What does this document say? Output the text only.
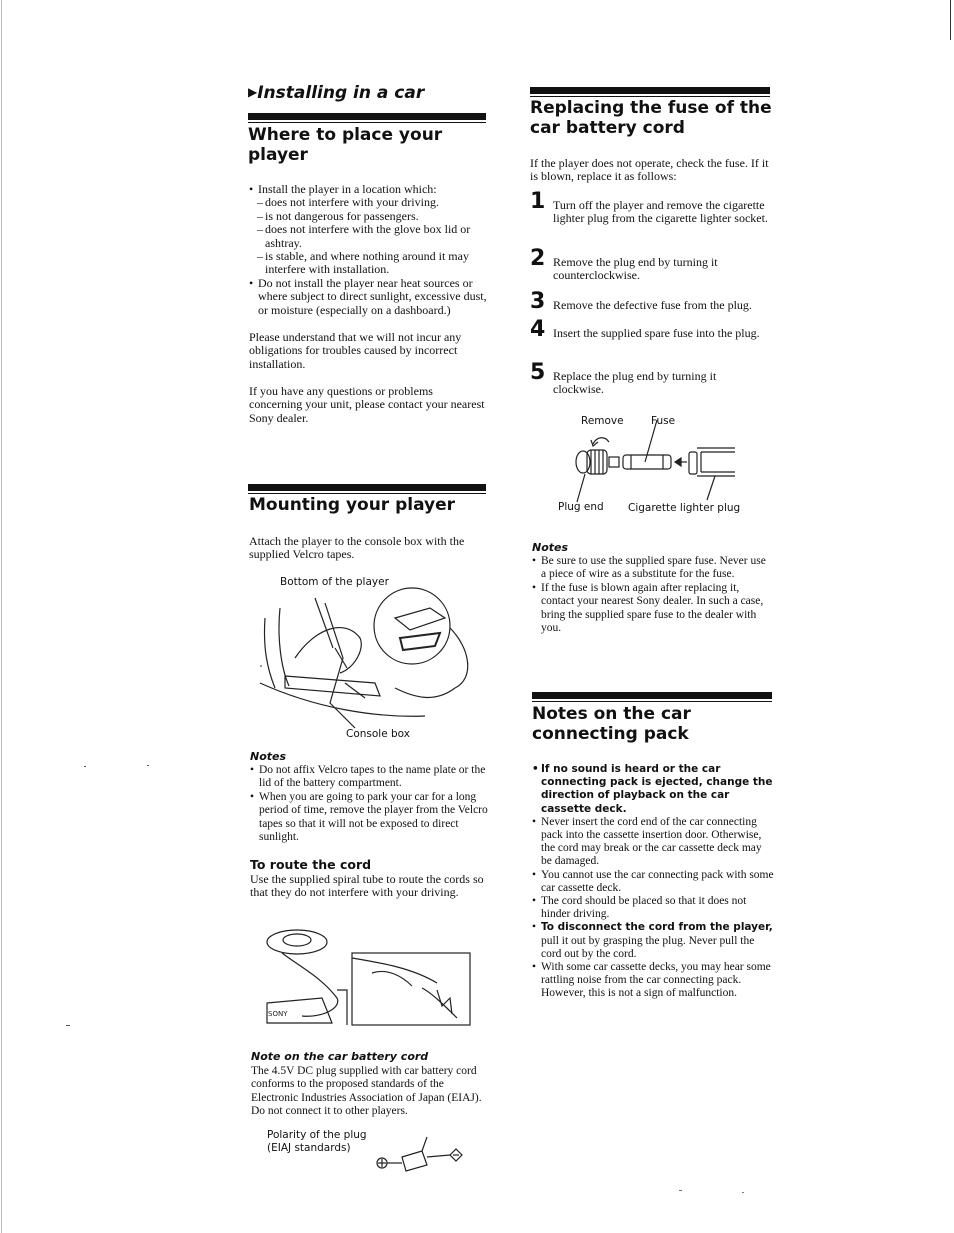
▶Installing in a car
Where to place your player
• Install the player in a location which:
– does not interfere with your driving.
– is not dangerous for passengers.
– does not interfere with the glove box lid or ashtray.
– is stable, and where nothing around it may interfere with installation.
• Do not install the player near heat sources or where subject to direct sunlight, excessive dust, or moisture (especially on a dashboard.)
Please understand that we will not incur any obligations for troubles caused by incorrect installation.
If you have any questions or problems concerning your unit, please contact your nearest Sony dealer.
Mounting your player
Attach the player to the console box with the supplied Velcro tapes.
Bottom of the player
Console box
Notes
• Do not affix Velcro tapes to the name plate or the lid of the battery compartment.
• When you are going to park your car for a long period of time, remove the player from the Velcro tapes so that it will not be exposed to direct sunlight.
To route the cord
Use the supplied spiral tube to route the cords so that they do not interfere with your driving.
SONY
Note on the car battery cord
The 4.5V DC plug supplied with car battery cord conforms to the proposed standards of the Electronic Industries Association of Japan (EIAJ). Do not connect it to other players.
Polarity of the plug
(EIAJ standards)
Replacing the fuse of the car battery cord
If the player does not operate, check the fuse. If it is blown, replace it as follows:
1 Turn off the player and remove the cigarette lighter plug from the cigarette lighter socket.
2 Remove the plug end by turning it counterclockwise.
3 Remove the defective fuse from the plug.
4 Insert the supplied spare fuse into the plug.
5 Replace the plug end by turning it clockwise.
Remove	Fuse
Plug end Cigarette lighter plug
Notes
• Be sure to use the supplied spare fuse. Never use a piece of wire as a substitute for the fuse.
• If the fuse is blown again after replacing it, contact your nearest Sony dealer. In such a case, bring the supplied spare fuse to the dealer with you.
Notes on the car connecting pack
• If no sound is heard or the car connecting pack is ejected, change the direction of playback on the car cassette deck.
• Never insert the cord end of the car connecting pack into the cassette insertion door. Otherwise, the cord may break or the car cassette deck may be damaged.
• You cannot use the car connecting pack with some car cassette deck.
• The cord should be placed so that it does not hinder driving.
• To disconnect the cord from the player, pull it out by grasping the plug. Never pull the cord out by the cord.
• With some car cassette decks, you may hear some rattling noise from the car connecting pack. However, this is not a sign of malfunction.
